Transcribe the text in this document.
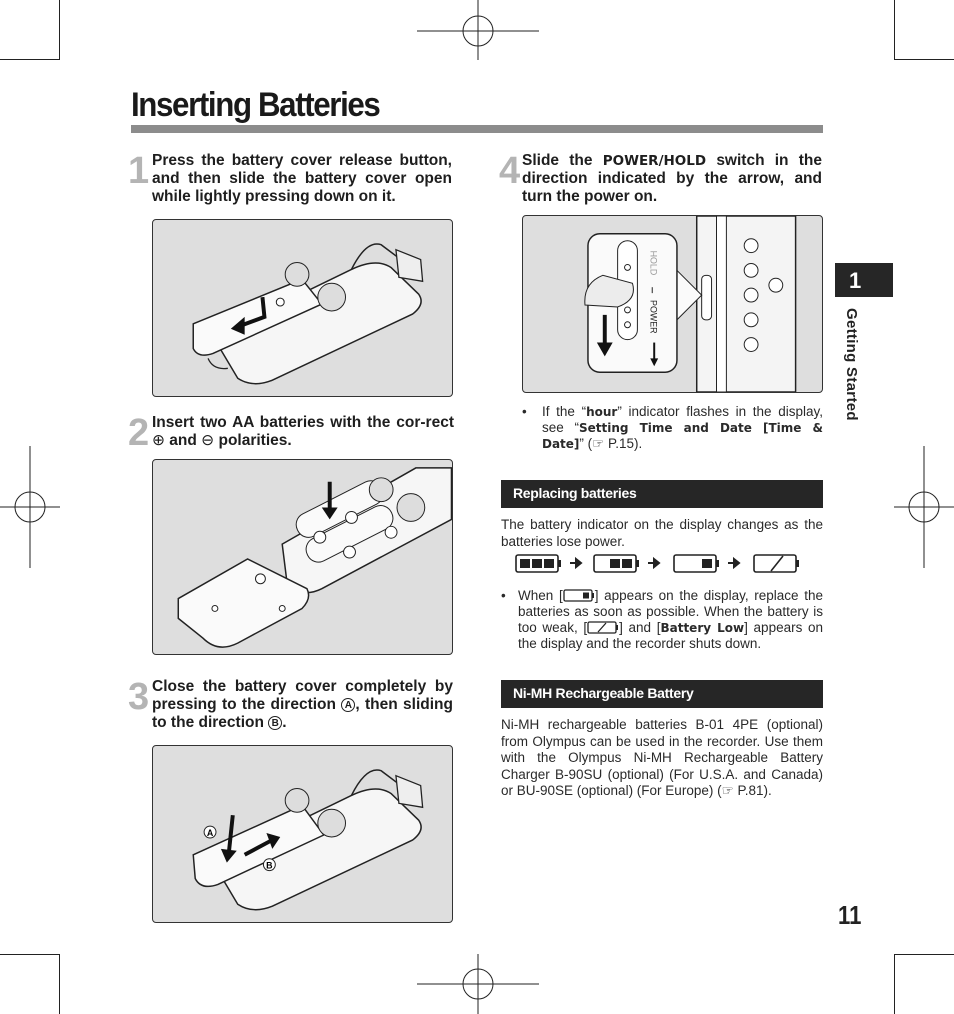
Inserting Batteries
1
Getting Started
1 Press the battery cover release button, and then slide the battery cover open while lightly pressing down on it.
2 Insert two AA batteries with the cor-rect ⊕ and ⊖ polarities.
3 Close the battery cover completely by pressing to the direction A , then sliding to the direction B .
A
B
4 Slide the POWER/HOLD switch in the direction indicated by the arrow, and turn the power on.
HOLD
POWER
• If the “hour” indicator flashes in the display, see “Setting Time and Date [Time & Date]” (☞ P.15).
Replacing batteries
The battery indicator on the display changes as the batteries lose power.
• When [ ] appears on the display, replace the batteries as soon as possible. When the battery is too weak, [ ] and [Battery Low] appears on the display and the recorder shuts down.
Ni-MH Rechargeable Battery
Ni-MH rechargeable batteries B-01 4PE (optional) from Olympus can be used in the recorder. Use them with the Olympus Ni-MH Rechargeable Battery Charger B-90SU (optional) (For U.S.A. and Canada) or BU-90SE (optional) (For Europe) (☞ P.81).
11
